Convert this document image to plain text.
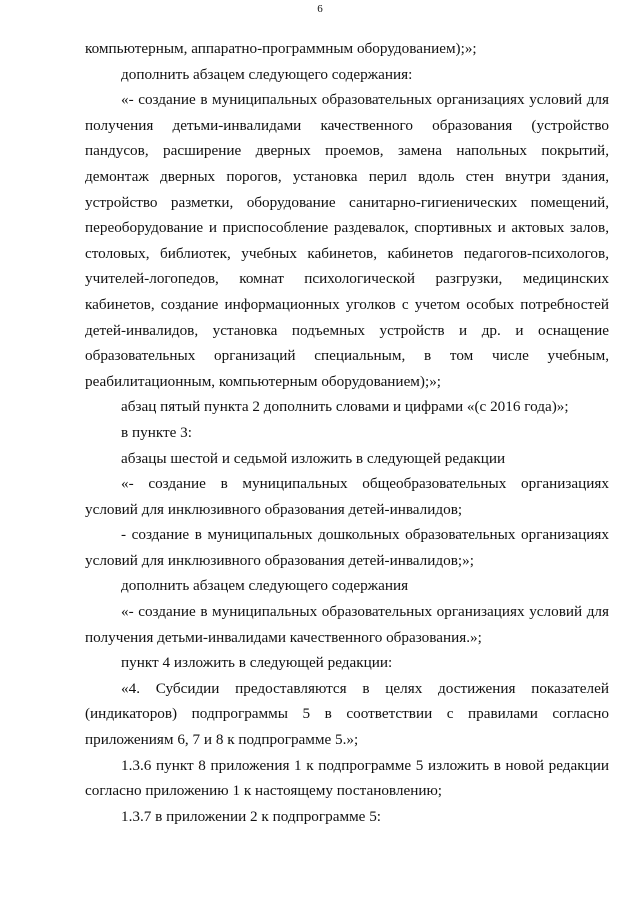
6

компьютерным, аппаратно-программным оборудованием);»;

дополнить абзацем следующего содержания:

«- создание в муниципальных образовательных организациях условий для получения детьми-инвалидами качественного образования (устройство пандусов, расширение дверных проемов, замена напольных покрытий, демонтаж дверных порогов, установка перил вдоль стен внутри здания, устройство разметки, оборудование санитарно-гигиенических помещений, переоборудование и приспособление раздевалок, спортивных и актовых залов, столовых, библиотек, учебных кабинетов, кабинетов педагогов-психологов, учителей-логопедов, комнат психологической разгрузки, медицинских кабинетов, создание информационных уголков с учетом особых потребностей детей-инвалидов, установка подъемных устройств и др. и оснащение образовательных организаций специальным, в том числе учебным, реабилитационным, компьютерным оборудованием);»;

абзац пятый пункта 2 дополнить словами и цифрами «(с 2016 года)»;

в пункте 3:

абзацы шестой и седьмой изложить в следующей редакции

«- создание в муниципальных общеобразовательных организациях условий для инклюзивного образования детей-инвалидов;

- создание в муниципальных дошкольных образовательных организациях условий для инклюзивного образования детей-инвалидов;»;

дополнить абзацем следующего содержания

«- создание в муниципальных образовательных организациях условий для получения детьми-инвалидами качественного образования.»;

пункт 4 изложить в следующей редакции:

«4. Субсидии предоставляются в целях достижения показателей (индикаторов) подпрограммы 5 в соответствии с правилами согласно приложениям 6, 7 и 8 к подпрограмме 5.»;

1.3.6 пункт 8 приложения 1 к подпрограмме 5 изложить в новой редакции согласно приложению 1 к настоящему постановлению;

1.3.7 в приложении 2 к подпрограмме 5:
